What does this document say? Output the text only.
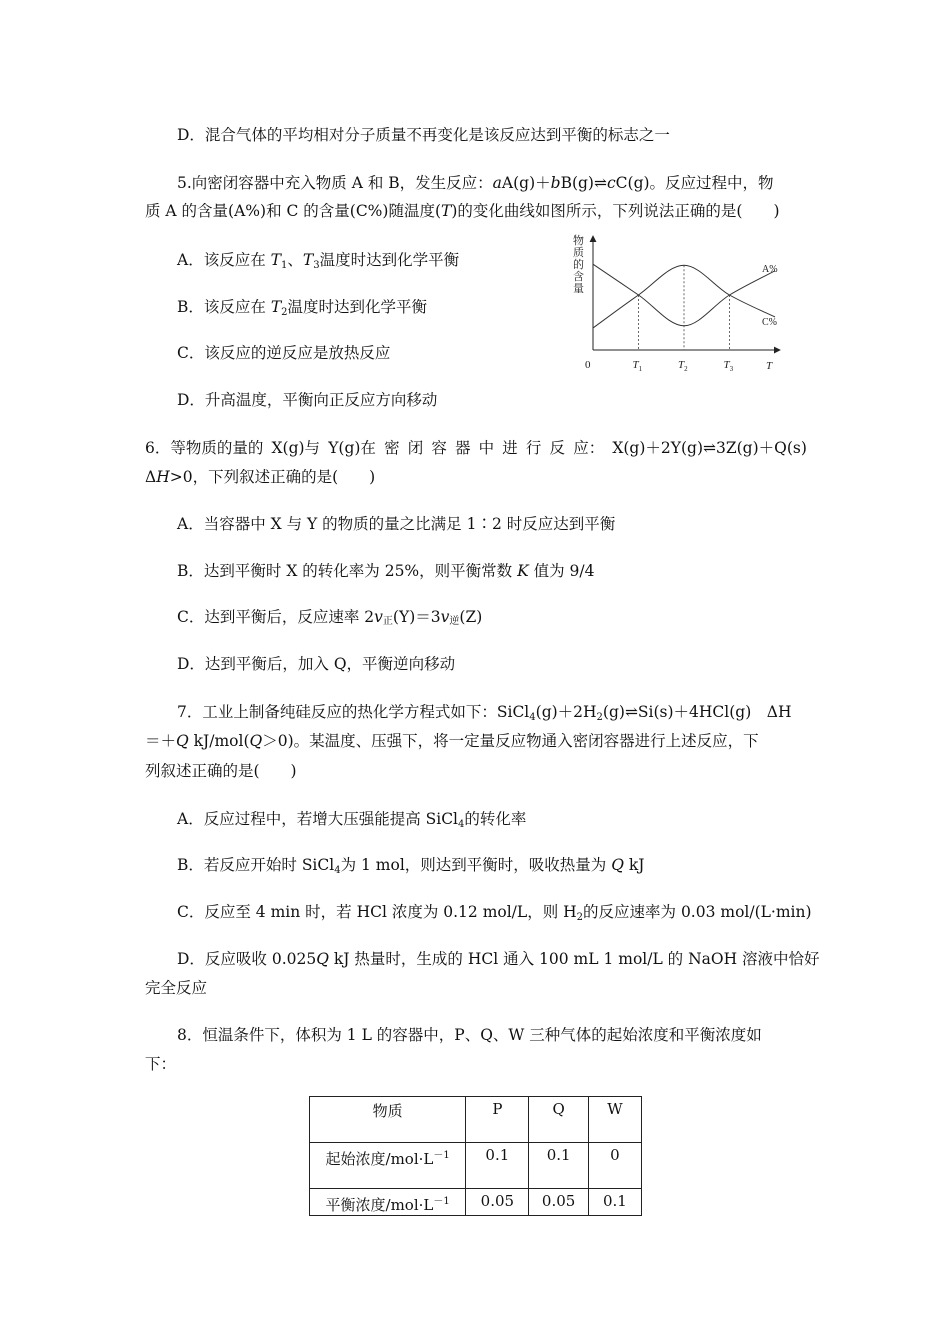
D．混合气体的平均相对分子质量不再变化是该反应达到平衡的标志之一
5.向密闭容器中充入物质 A 和 B，发生反应：aA(g)＋bB(g)⇌cC(g)。反应过程中，物
质 A 的含量(A%)和 C 的含量(C%)随温度(T)的变化曲线如图所示，下列说法正确的是(　　)
A．该反应在 $T_1$、$T_3$温度时达到化学平衡
B．该反应在 $T_2$温度时达到化学平衡
C．该反应的逆反应是放热反应
D．升高温度，平衡向正反应方向移动
物质的含量
A%
C%
0	$T_1$	$T_2$	$T_3$	T
6．等物质的量的 X(g)与 Y(g)在 密 闭 容 器 中 进 行 反 应： X(g)＋2Y(g)⇌3Z(g)＋Q(s)
ΔH>0，下列叙述正确的是(　　)
A．当容器中 X 与 Y 的物质的量之比满足 1∶2 时反应达到平衡
B．达到平衡时 X 的转化率为 25%，则平衡常数 K 值为 9/4
C．达到平衡后，反应速率 2v正(Y)＝3v逆(Z)
D．达到平衡后，加入 Q，平衡逆向移动
7．工业上制备纯硅反应的热化学方程式如下：$SiCl_4(g)+2H_2(g)\rightleftharpoons Si(s)+4HCl(g)$　ΔH
＝＋Q kJ/mol(Q＞0)。某温度、压强下，将一定量反应物通入密闭容器进行上述反应，下
列叙述正确的是(　　)
A．反应过程中，若增大压强能提高 SiCl$_4$的转化率
B．若反应开始时 SiCl$_4$为 1 mol，则达到平衡时，吸收热量为 Q kJ
C．反应至 4 min 时，若 HCl 浓度为 0.12 mol/L，则 $H_2$的反应速率为 0.03 mol/(L·min)
D．反应吸收 0.025Q kJ 热量时，生成的 HCl 通入 100 mL 1 mol/L 的 NaOH 溶液中恰好
完全反应
8．恒温条件下，体积为 1 L 的容器中，P、Q、W 三种气体的起始浓度和平衡浓度如
下：
物质	P	Q	W
起始浓度$/mol\cdot L^{-1}$	0.1	0.1	0
平衡浓度$/mol\cdot L^{-1}$	0.05	0.05	0.1
